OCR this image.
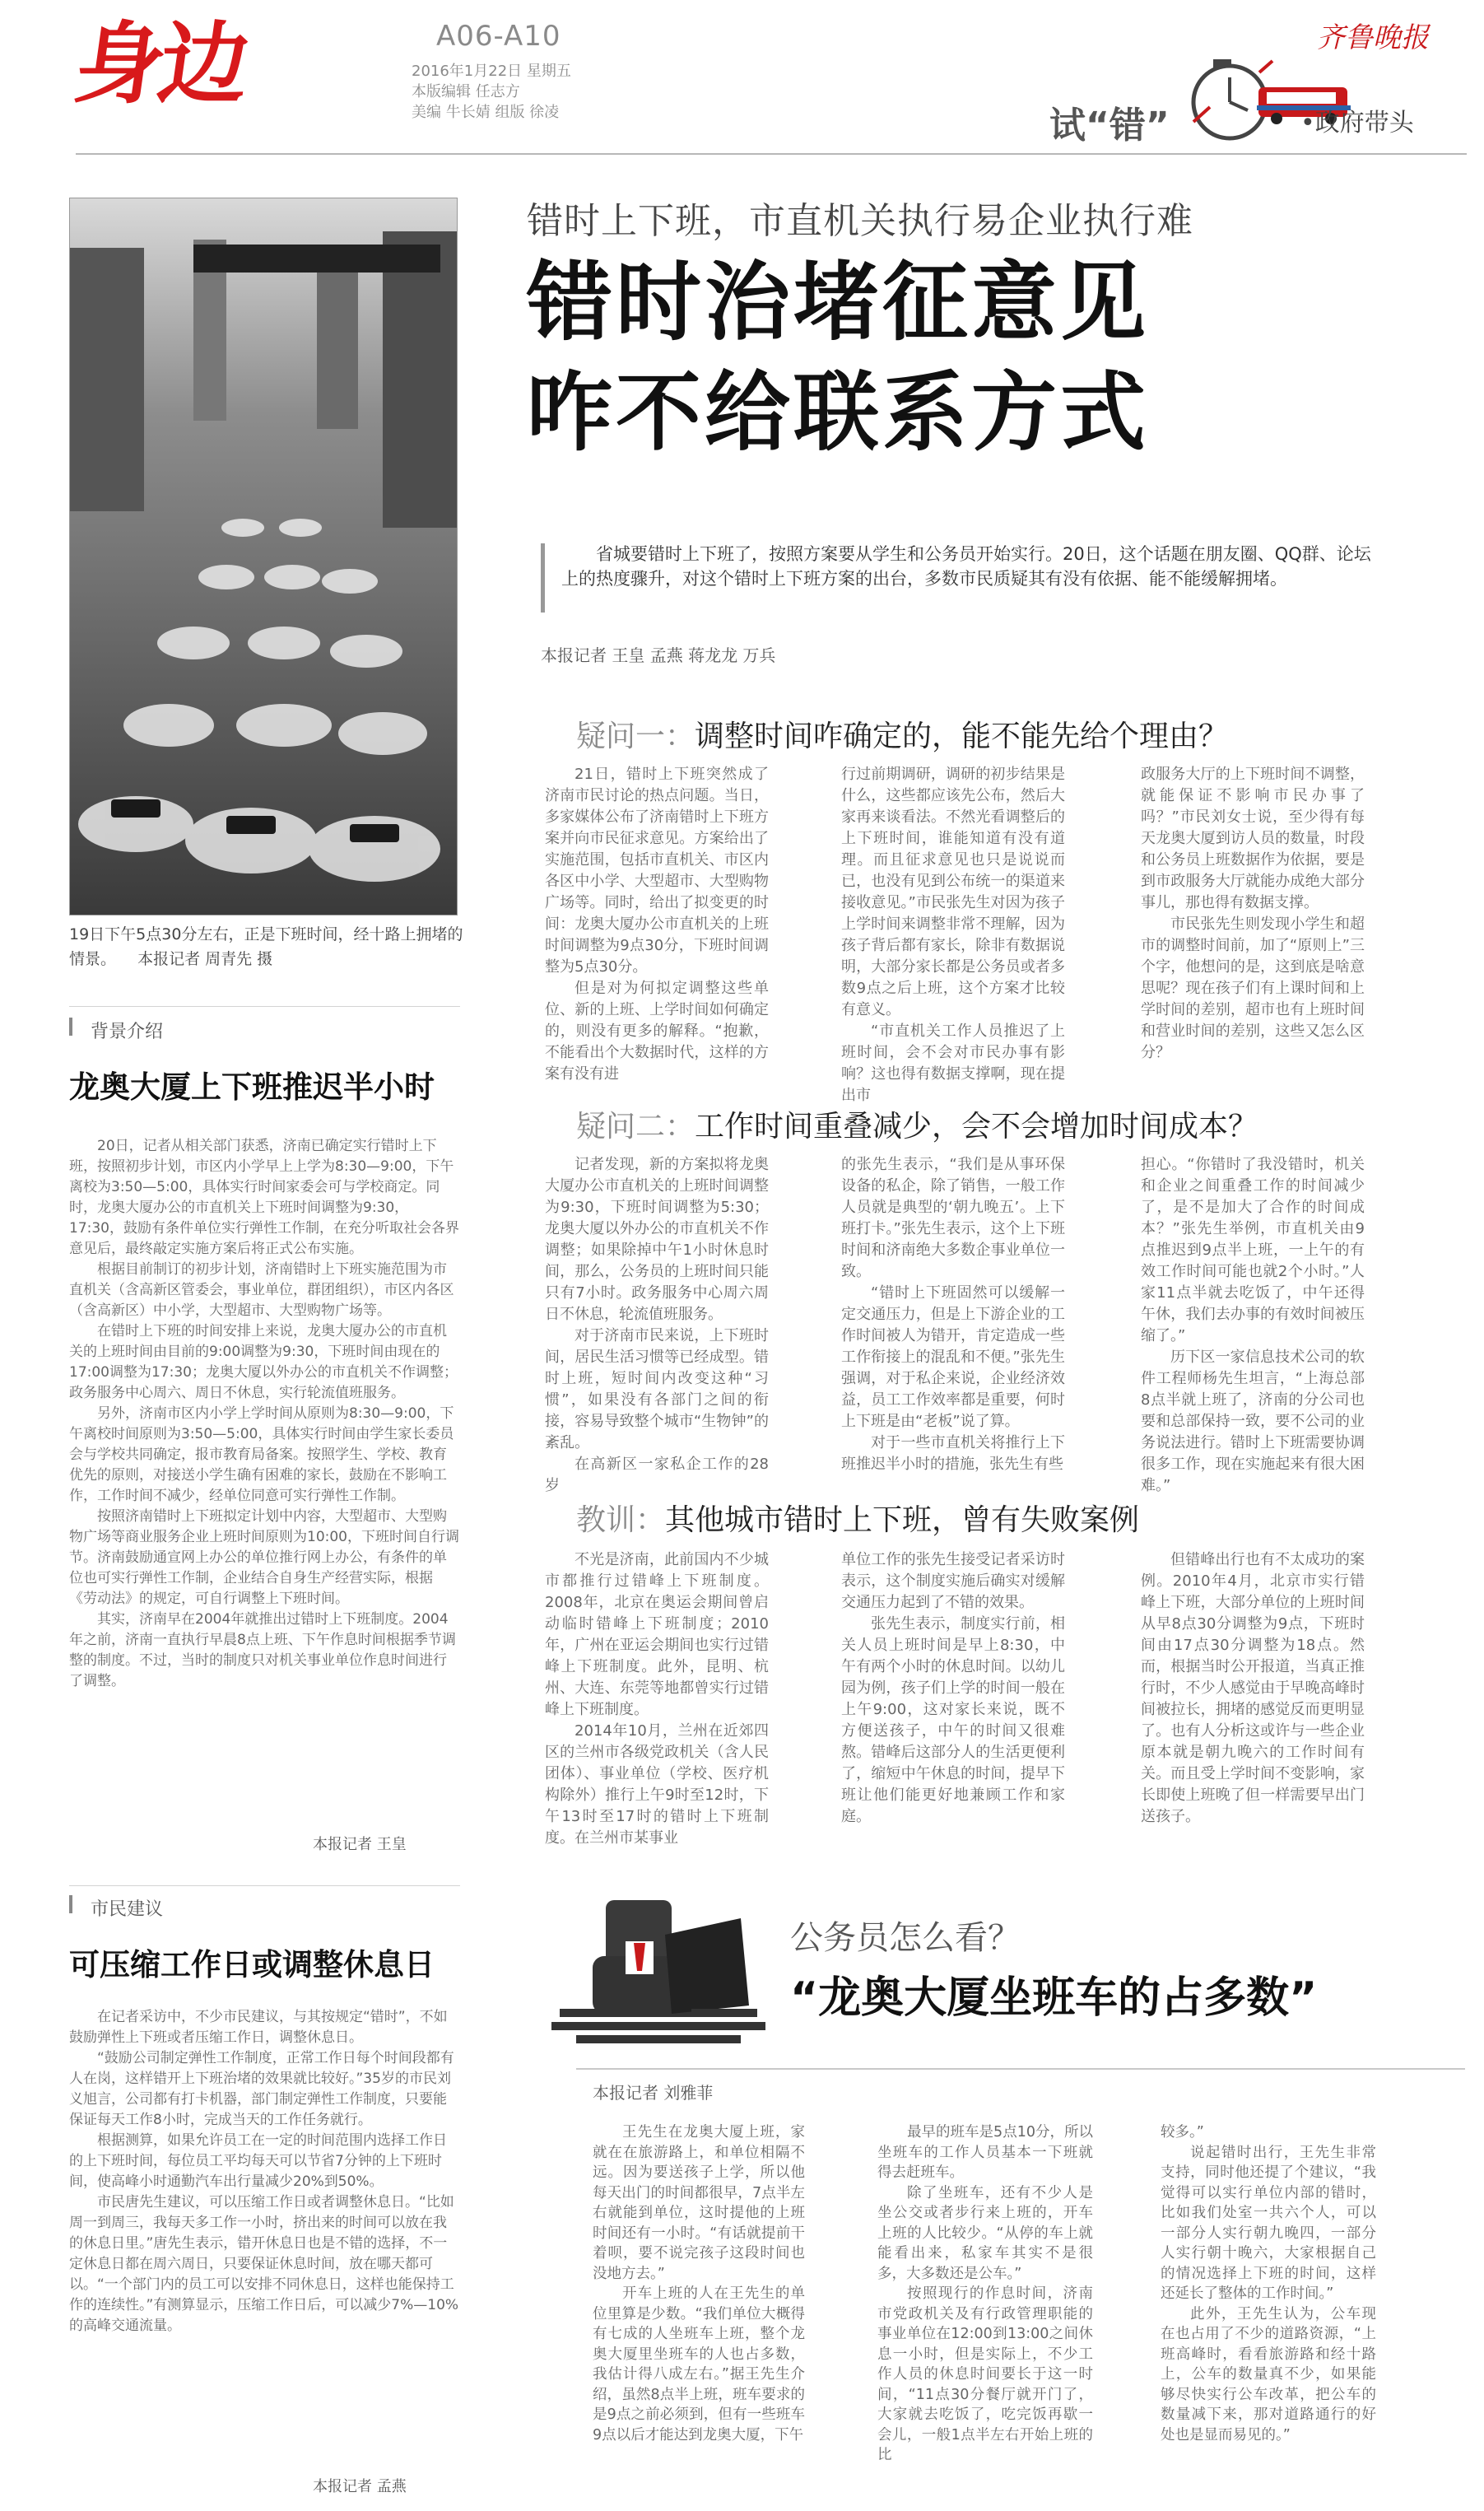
身边	A06-A10
2016年1月22日 星期五
本版编辑 任志方
美编 牛长婧 组版 徐凌
齐鲁晚报
试“错”	•政府带头
19日下午5点30分左右，正是下班时间，经十路上拥堵的情景。 本报记者 周青先 摄
错时上下班，市直机关执行易企业执行难
错时治堵征意见
咋不给联系方式
省城要错时上下班了，按照方案要从学生和公务员开始实行。20日，这个话题在朋友圈、QQ群、论坛上的热度骤升，对这个错时上下班方案的出台，多数市民质疑其有没有依据、能不能缓解拥堵。
本报记者 王皇 孟燕 蒋龙龙 万兵
背景介绍
龙奥大厦上下班推迟半小时

20日，记者从相关部门获悉，济南已确定实行错时上下班，按照初步计划，市区内小学早上上学为8:30—9:00，下午离校为3:50—5:00，具体实行时间家委会可与学校商定。同时，龙奥大厦办公的市直机关上下班时间调整为9:30，17:30，鼓励有条件单位实行弹性工作制，在充分听取社会各界意见后，最终敲定实施方案后将正式公布实施。

根据目前制订的初步计划，济南错时上下班实施范围为市直机关（含高新区管委会，事业单位，群团组织），市区内各区（含高新区）中小学，大型超市、大型购物广场等。

在错时上下班的时间安排上来说，龙奥大厦办公的市直机关的上班时间由目前的9:00调整为9:30，下班时间由现在的17:00调整为17:30；龙奥大厦以外办公的市直机关不作调整；政务服务中心周六、周日不休息，实行轮流值班服务。

另外，济南市区内小学上学时间从原则为8:30—9:00，下午离校时间原则为3:50—5:00，具体实行时间由学生家长委员会与学校共同确定，报市教育局备案。按照学生、学校、教育优先的原则，对接送小学生确有困难的家长，鼓励在不影响工作，工作时间不减少，经单位同意可实行弹性工作制。

按照济南错时上下班拟定计划中内容，大型超市、大型购物广场等商业服务企业上班时间原则为10:00，下班时间自行调节。济南鼓励通宣网上办公的单位推行网上办公，有条件的单位也可实行弹性工作制，企业结合自身生产经营实际，根据《劳动法》的规定，可自行调整上下班时间。

其实，济南早在2004年就推出过错时上下班制度。2004年之前，济南一直执行早晨8点上班、下午作息时间根据季节调整的制度。不过，当时的制度只对机关事业单位作息时间进行了调整。

本报记者 王皇
市民建议
可压缩工作日或调整休息日

在记者采访中，不少市民建议，与其按规定“错时”，不如鼓励弹性上下班或者压缩工作日，调整休息日。

“鼓励公司制定弹性工作制度，正常工作日每个时间段都有人在岗，这样错开上下班治堵的效果就比较好。”35岁的市民刘义旭言，公司都有打卡机器，部门制定弹性工作制度，只要能保证每天工作8小时，完成当天的工作任务就行。

根据测算，如果允许员工在一定的时间范围内选择工作日的上下班时间，每位员工平均每天可以节省7分钟的上下班时间，使高峰小时通勤汽车出行量减少20%到50%。

市民唐先生建议，可以压缩工作日或者调整休息日。“比如周一到周三，我每天多工作一小时，挤出来的时间可以放在我的休息日里。”唐先生表示，错开休息日也是不错的选择，不一定休息日都在周六周日，只要保证休息时间，放在哪天都可以。“一个部门内的员工可以安排不同休息日，这样也能保持工作的连续性。”有测算显示，压缩工作日后，可以减少7%—10%的高峰交通流量。

本报记者 孟燕
疑问一：调整时间咋确定的，能不能先给个理由？

21日，错时上下班突然成了济南市民讨论的热点问题。当日，多家媒体公布了济南错时上下班方案并向市民征求意见。方案给出了实施范围，包括市直机关、市区内各区中小学、大型超市、大型购物广场等。同时，给出了拟变更的时间：龙奥大厦办公市直机关的上班时间调整为9点30分，下班时间调整为5点30分。

但是对为何拟定调整这些单位、新的上班、上学时间如何确定的，则没有更多的解释。“抱歉，不能看出个大数据时代，这样的方案有没有进

行过前期调研，调研的初步结果是什么，这些都应该先公布，然后大家再来谈看法。不然光看调整后的上下班时间，谁能知道有没有道理。而且征求意见也只是说说而已，也没有见到公布统一的渠道来接收意见。”市民张先生对因为孩子上学时间来调整非常不理解，因为孩子背后都有家长，除非有数据说明，大部分家长都是公务员或者多数9点之后上班，这个方案才比较有意义。

“市直机关工作人员推迟了上班时间，会不会对市民办事有影响？这也得有数据支撑啊，现在提出市

政服务大厅的上下班时间不调整，就能保证不影响市民办事了吗？”市民刘女士说，至少得有每天龙奥大厦到访人员的数量，时段和公务员上班数据作为依据，要是到市政服务大厅就能办成绝大部分事儿，那也得有数据支撑。

市民张先生则发现小学生和超市的调整时间前，加了“原则上”三个字，他想问的是，这到底是啥意思呢？现在孩子们有上课时间和上学时间的差别，超市也有上班时间和营业时间的差别，这些又怎么区分？

疑问二：工作时间重叠减少，会不会增加时间成本？

记者发现，新的方案拟将龙奥大厦办公市直机关的上班时间调整为9:30，下班时间调整为5:30；龙奥大厦以外办公的市直机关不作调整；如果除掉中午1小时休息时间，那么，公务员的上班时间只能只有7小时。政务服务中心周六周日不休息，轮流值班服务。

对于济南市民来说，上下班时间，居民生活习惯等已经成型。错时上班，短时间内改变这种“习惯”，如果没有各部门之间的衔接，容易导致整个城市“生物钟”的紊乱。

在高新区一家私企工作的28岁

的张先生表示，“我们是从事环保设备的私企，除了销售，一般工作人员就是典型的‘朝九晚五’。上下班打卡。”张先生表示，这个上下班时间和济南绝大多数企事业单位一致。

“错时上下班固然可以缓解一定交通压力，但是上下游企业的工作时间被人为错开，肯定造成一些工作衔接上的混乱和不便。”张先生强调，对于私企来说，企业经济效益，员工工作效率都是重要，何时上下班是由“老板”说了算。

对于一些市直机关将推行上下班推迟半小时的措施，张先生有些

担心。“你错时了我没错时，机关和企业之间重叠工作的时间减少了，是不是加大了合作的时间成本？”张先生举例，市直机关由9点推迟到9点半上班，一上午的有效工作时间可能也就2个小时。”人家11点半就去吃饭了，中午还得午休，我们去办事的有效时间被压缩了。”

历下区一家信息技术公司的软件工程师杨先生坦言，“上海总部8点半就上班了，济南的分公司也要和总部保持一致，要不公司的业务说法进行。错时上下班需要协调很多工作，现在实施起来有很大困难。”

教训：其他城市错时上下班，曾有失败案例

不光是济南，此前国内不少城市都推行过错峰上下班制度。2008年，北京在奥运会期间曾启动临时错峰上下班制度；2010年，广州在亚运会期间也实行过错峰上下班制度。此外，昆明、杭州、大连、东莞等地都曾实行过错峰上下班制度。

2014年10月，兰州在近郊四区的兰州市各级党政机关（含人民团体）、事业单位（学校、医疗机构除外）推行上午9时至12时，下午13时至17时的错时上下班制度。在兰州市某事业

单位工作的张先生接受记者采访时表示，这个制度实施后确实对缓解交通压力起到了不错的效果。

张先生表示，制度实行前，相关人员上班时间是早上8:30，中午有两个小时的休息时间。以幼儿园为例，孩子们上学的时间一般在上午9:00，这对家长来说，既不方便送孩子，中午的时间又很难熬。错峰后这部分人的生活更便利了，缩短中午休息的时间，提早下班让他们能更好地兼顾工作和家庭。

但错峰出行也有不太成功的案例。2010年4月，北京市实行错峰上下班，大部分单位的上班时间从早8点30分调整为9点，下班时间由17点30分调整为18点。然而，根据当时公开报道，当真正推行时，不少人感觉由于早晚高峰时间被拉长，拥堵的感觉反而更明显了。也有人分析这或许与一些企业原本就是朝九晚六的工作时间有关。而且受上学时间不变影响，家长即使上班晚了但一样需要早出门送孩子。

公务员怎么看？
“龙奥大厦坐班车的占多数”
本报记者 刘雅菲

王先生在龙奥大厦上班，家就在在旅游路上，和单位相隔不远。因为要送孩子上学，所以他每天出门的时间都很早，7点半左右就能到单位，这时提他的上班时间还有一小时。“有话就提前干着呗，要不说完孩子这段时间也没地方去。”

开车上班的人在王先生的单位里算是少数。“我们单位大概得有七成的人坐班车上班，整个龙奥大厦里坐班车的人也占多数，我估计得八成左右。”据王先生介绍，虽然8点半上班，班车要求的是9点之前必须到，但有一些班车9点以后才能达到龙奥大厦，下午

最早的班车是5点10分，所以坐班车的工作人员基本一下班就得去赶班车。

除了坐班车，还有不少人是坐公交或者步行来上班的，开车上班的人比较少。“从停的车上就能看出来，私家车其实不是很多，大多数还是公车。”

按照现行的作息时间，济南市党政机关及有行政管理职能的事业单位在12:00到13:00之间休息一小时，但是实际上，不少工作人员的休息时间要长于这一时间，“11点30分餐厅就开门了，大家就去吃饭了，吃完饭再歇一会儿，一般1点半左右开始上班的比

较多。”

说起错时出行，王先生非常支持，同时他还提了个建议，“我觉得可以实行单位内部的错时，比如我们处室一共六个人，可以一部分人实行朝九晚四，一部分人实行朝十晚六，大家根据自己的情况选择上下班的时间，这样还延长了整体的工作时间。”

此外，王先生认为，公车现在也占用了不少的道路资源，“上班高峰时，看看旅游路和经十路上，公车的数量真不少，如果能够尽快实行公车改革，把公车的数量减下来，那对道路通行的好处也是显而易见的。”
